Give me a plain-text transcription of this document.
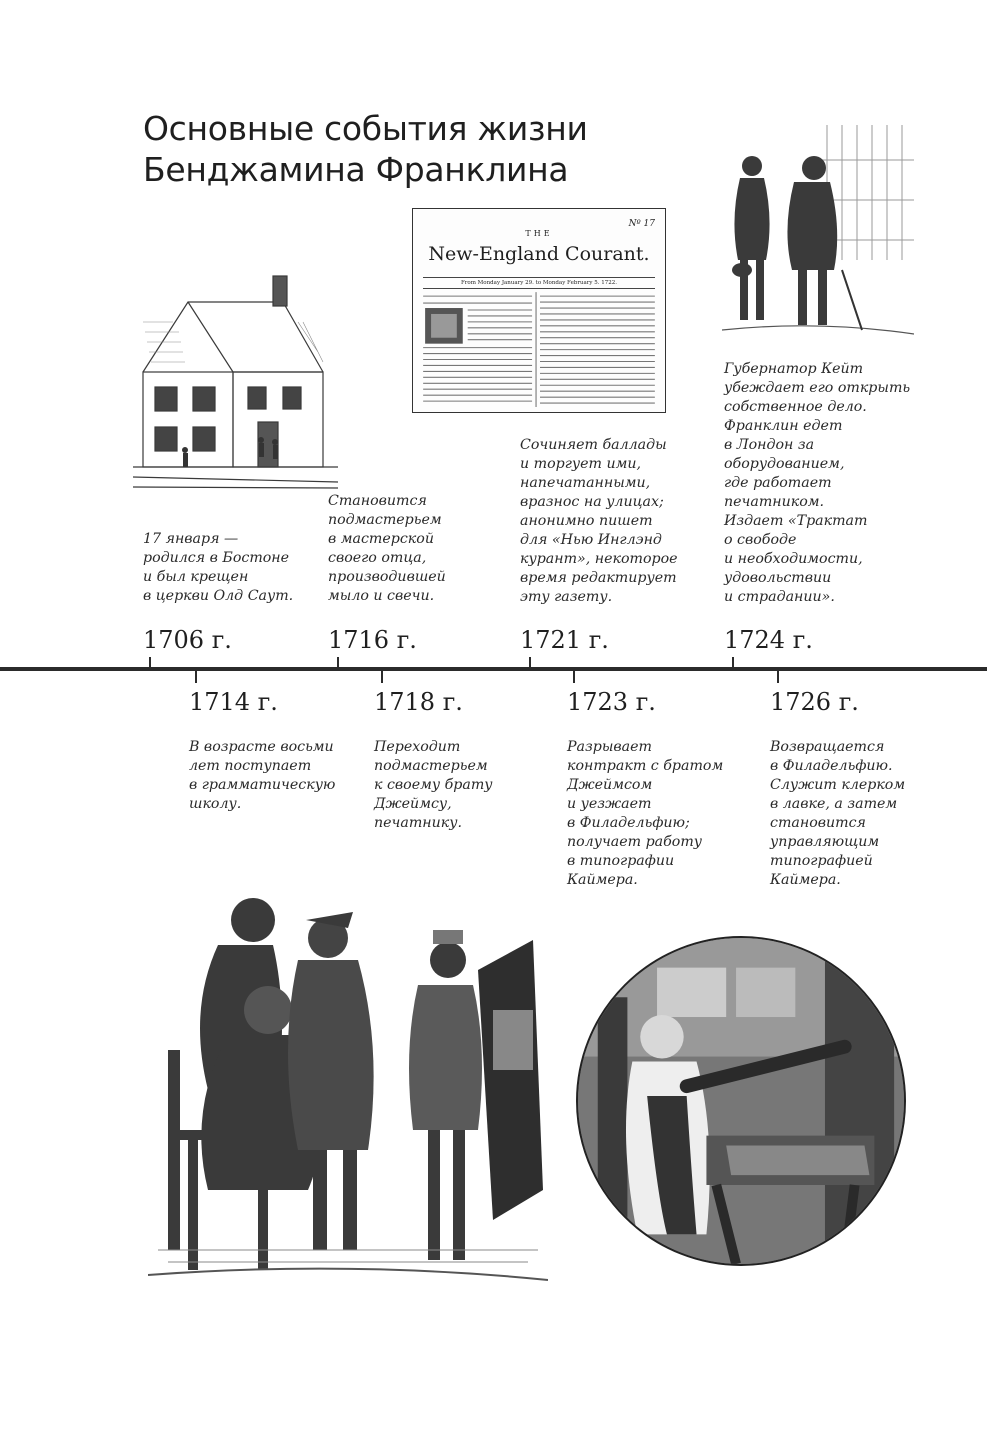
Основные события жизни
Бенджамина Франклина
Nº 17
THE
New-England Courant.
From Monday January 29. to Monday February 5. 1722.
17 января —
родился в Бостоне
и был крещен
в церкви Олд Саут.
Становится
подмастерьем
в мастерской
своего отца,
производившей
мыло и свечи.
Сочиняет баллады
и торгует ими,
напечатанными,
вразнос на улицах;
анонимно пишет
для «Нью Инглэнд
курант», некоторое
время редактирует
эту газету.
Губернатор Кейт
убеждает его открыть
собственное дело.
Франклин едет
в Лондон за
оборудованием,
где работает
печатником.
Издает «Трактат
о свободе
и необходимости,
удовольствии
и страдании».
1706 г.	1716 г.	1721 г.	1724 г.
1714 г.	1718 г.	1723 г.	1726 г.
В возрасте восьми
лет поступает
в грамматическую
школу.
Переходит
подмастерьем
к своему брату
Джеймсу,
печатнику.
Разрывает
контракт с братом
Джеймсом
и уезжает
в Филадельфию;
получает работу
в типографии
Каймера.
Возвращается
в Филадельфию.
Служит клерком
в лавке, а затем
становится
управляющим
типографией
Каймера.
